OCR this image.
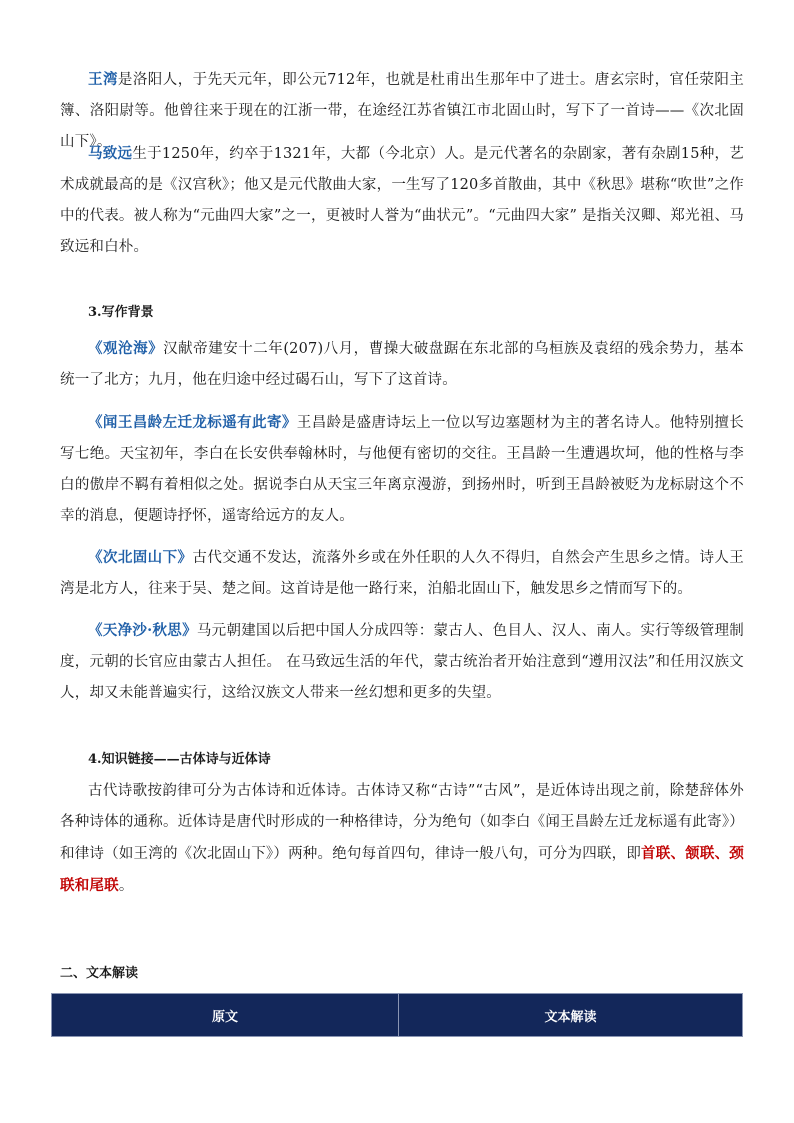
王湾是洛阳人，于先天元年，即公元712年，也就是杜甫出生那年中了进士。唐玄宗时，官任荥阳主簿、洛阳尉等。他曾往来于现在的江浙一带，在途经江苏省镇江市北固山时，写下了一首诗——《次北固山下》。

马致远生于1250年，约卒于1321年，大都（今北京）人。是元代著名的杂剧家，著有杂剧15种，艺术成就最高的是《汉宫秋》；他又是元代散曲大家，一生写了120多首散曲，其中《秋思》堪称“吹世”之作中的代表。被人称为“元曲四大家”之一，更被时人誉为“曲状元”。“元曲四大家” 是指关汉卿、郑光祖、马致远和白朴。

3.写作背景

《观沧海》汉献帝建安十二年(207)八月，曹操大破盘踞在东北部的乌桓族及袁绍的残余势力，基本统一了北方；九月，他在归途中经过碣石山，写下了这首诗。

《闻王昌龄左迁龙标遥有此寄》王昌龄是盛唐诗坛上一位以写边塞题材为主的著名诗人。他特别擅长写七绝。天宝初年，李白在长安供奉翰林时，与他便有密切的交往。王昌龄一生遭遇坎坷，他的性格与李白的傲岸不羁有着相似之处。据说李白从天宝三年离京漫游，到扬州时，听到王昌龄被贬为龙标尉这个不幸的消息，便题诗抒怀，遥寄给远方的友人。

《次北固山下》古代交通不发达，流落外乡或在外任职的人久不得归，自然会产生思乡之情。诗人王湾是北方人，往来于吴、楚之间。这首诗是他一路行来，泊船北固山下，触发思乡之情而写下的。

《天净沙·秋思》马元朝建国以后把中国人分成四等：蒙古人、色目人、汉人、南人。实行等级管理制度，元朝的长官应由蒙古人担任。 在马致远生活的年代，蒙古统治者开始注意到“遵用汉法”和任用汉族文人，却又未能普遍实行，这给汉族文人带来一丝幻想和更多的失望。

4.知识链接——古体诗与近体诗

古代诗歌按韵律可分为古体诗和近体诗。古体诗又称“古诗”“古风”，是近体诗出现之前，除楚辞体外各种诗体的通称。近体诗是唐代时形成的一种格律诗，分为绝句（如李白《闻王昌龄左迁龙标遥有此寄》）和律诗（如王湾的《次北固山下》）两种。绝句每首四句，律诗一般八句，可分为四联，即首联、颔联、颈联和尾联。

二、文本解读

原文	文本解读
